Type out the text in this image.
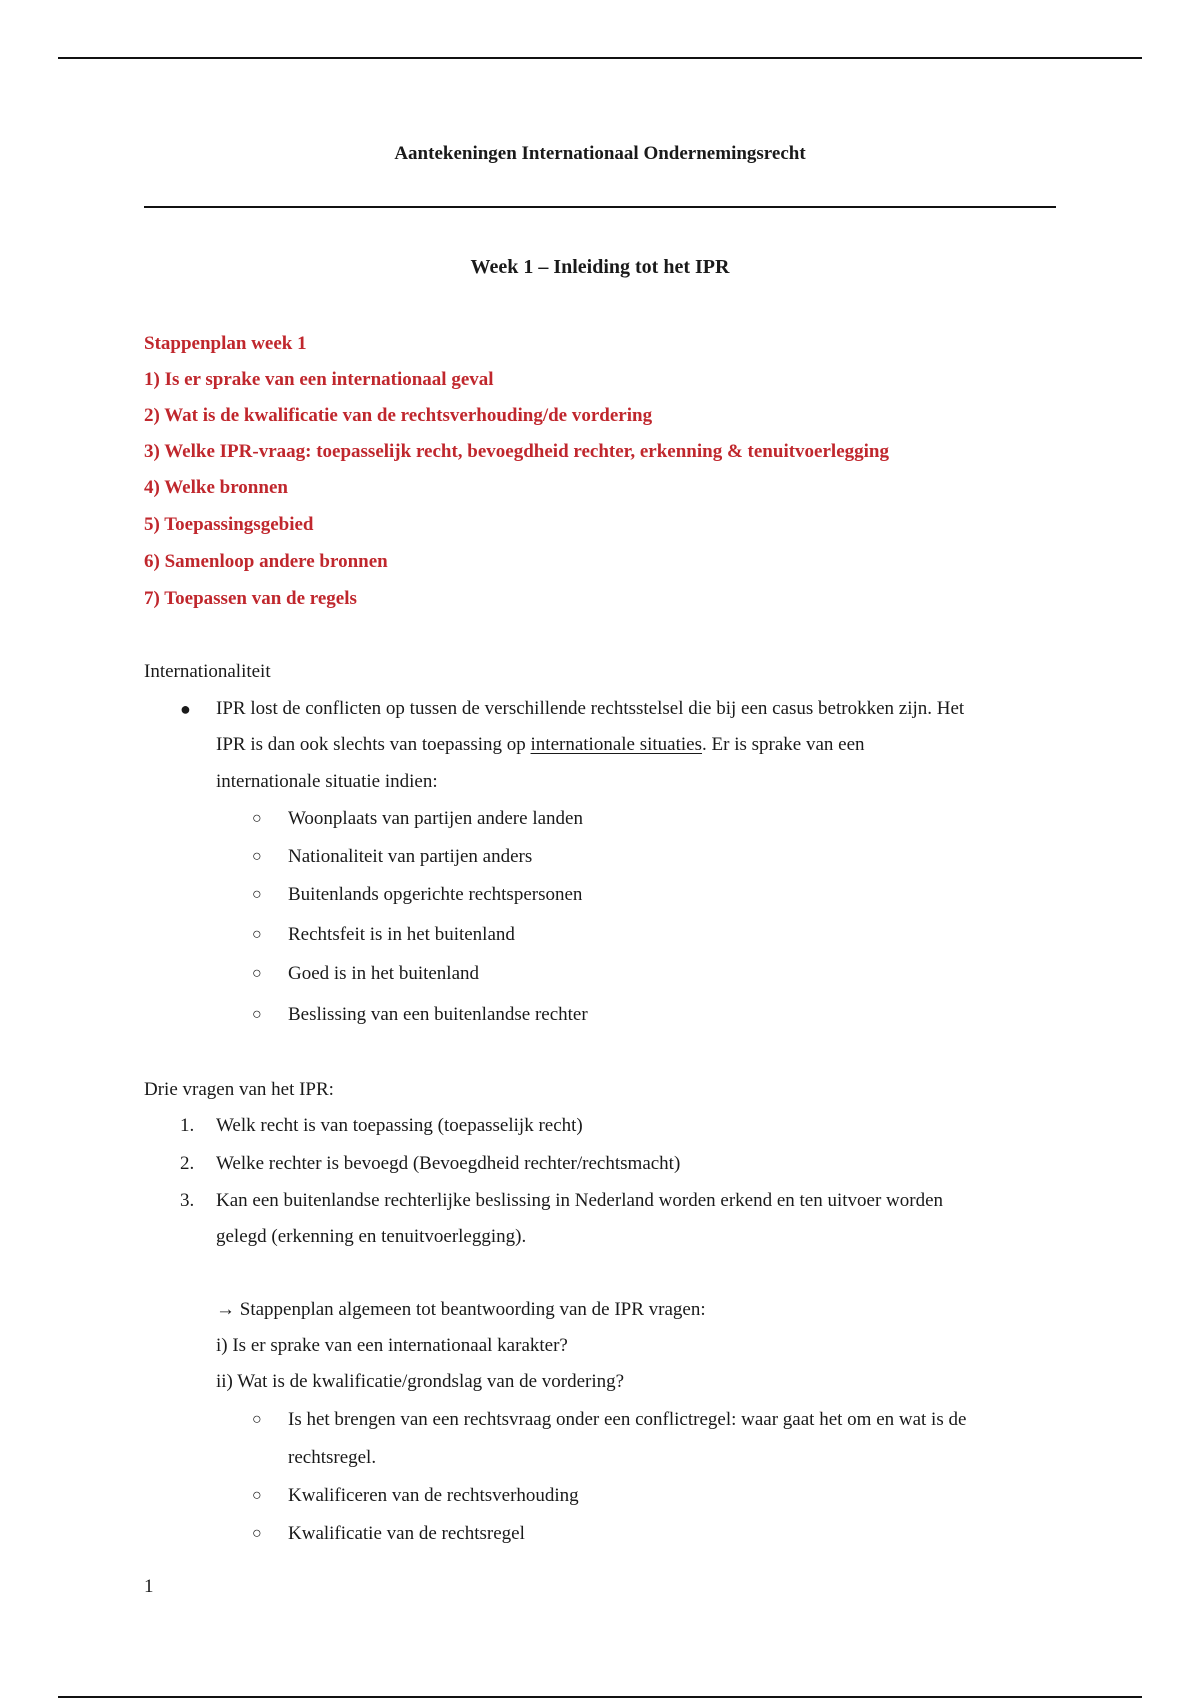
Aantekeningen Internationaal Ondernemingsrecht
Week 1 – Inleiding tot het IPR
Stappenplan week 1
1) Is er sprake van een internationaal geval
2) Wat is de kwalificatie van de rechtsverhouding/de vordering
3) Welke IPR-vraag: toepasselijk recht, bevoegdheid rechter, erkenning & tenuitvoerlegging
4) Welke bronnen
5) Toepassingsgebied
6) Samenloop andere bronnen
7) Toepassen van de regels
Internationaliteit
● IPR lost de conflicten op tussen de verschillende rechtsstelsel die bij een casus betrokken zijn. Het
IPR is dan ook slechts van toepassing op internationale situaties. Er is sprake van een
internationale situatie indien:
○ Woonplaats van partijen andere landen
○ Nationaliteit van partijen anders
○ Buitenlands opgerichte rechtspersonen
○ Rechtsfeit is in het buitenland
○ Goed is in het buitenland
○ Beslissing van een buitenlandse rechter
Drie vragen van het IPR:
1. Welk recht is van toepassing (toepasselijk recht)
2. Welke rechter is bevoegd (Bevoegdheid rechter/rechtsmacht)
3. Kan een buitenlandse rechterlijke beslissing in Nederland worden erkend en ten uitvoer worden
gelegd (erkenning en tenuitvoerlegging).
→ Stappenplan algemeen tot beantwoording van de IPR vragen:
i) Is er sprake van een internationaal karakter?
ii) Wat is de kwalificatie/grondslag van de vordering?
○ Is het brengen van een rechtsvraag onder een conflictregel: waar gaat het om en wat is de
rechtsregel.
○ Kwalificeren van de rechtsverhouding
○ Kwalificatie van de rechtsregel
1
